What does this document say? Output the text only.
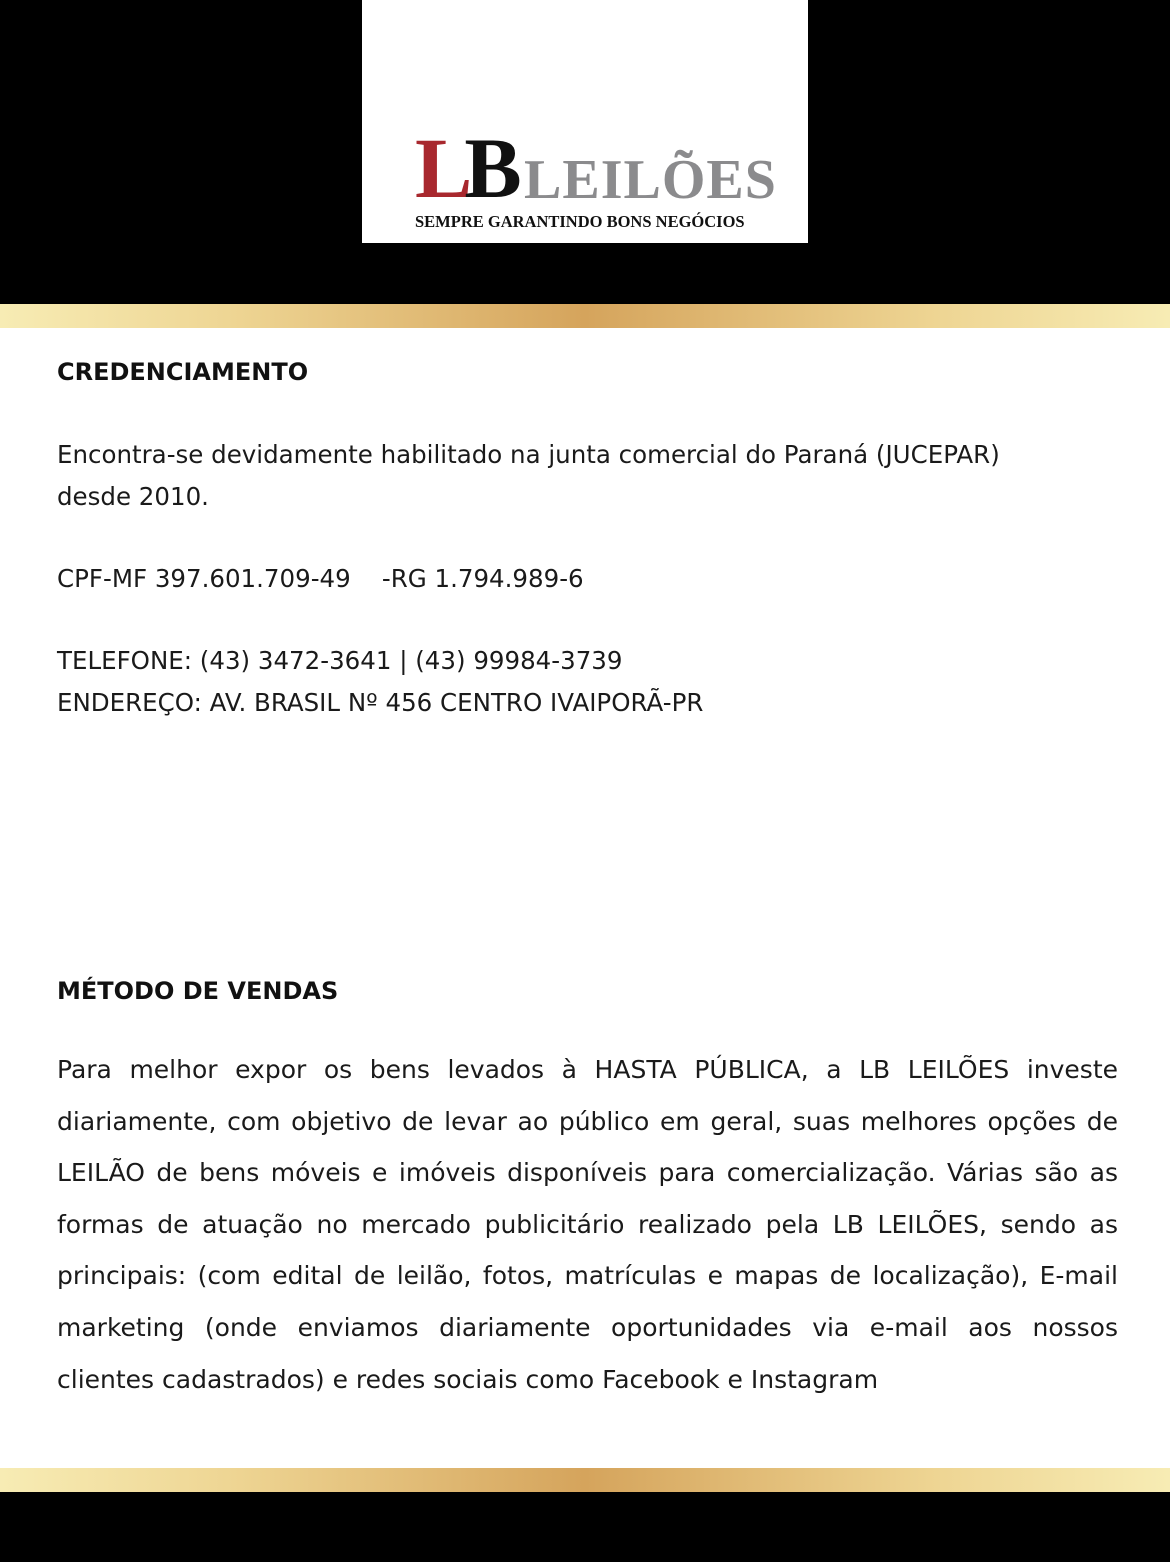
LB LEILÕES
SEMPRE GARANTINDO BONS NEGÓCIOS
CREDENCIAMENTO
Encontra-se devidamente habilitado na junta comercial do Paraná (JUCEPAR)
desde 2010.
CPF-MF 397.601.709-49    -RG 1.794.989-6
TELEFONE: (43) 3472-3641 | (43) 99984-3739
ENDEREÇO: AV. BRASIL Nº 456 CENTRO IVAIPORÃ-PR
MÉTODO DE VENDAS
Para melhor expor os bens levados à HASTA PÚBLICA, a LB LEILÕES investe diariamente, com objetivo de levar ao público em geral, suas melhores opções de LEILÃO de bens móveis e imóveis disponíveis para comercialização. Várias são as formas de atuação no mercado publicitário realizado pela LB LEILÕES, sendo as principais: (com edital de leilão, fotos, matrículas e mapas de localização), E-mail marketing (onde enviamos diariamente oportunidades via e-mail aos nossos clientes cadastrados) e redes sociais como Facebook e Instagram
